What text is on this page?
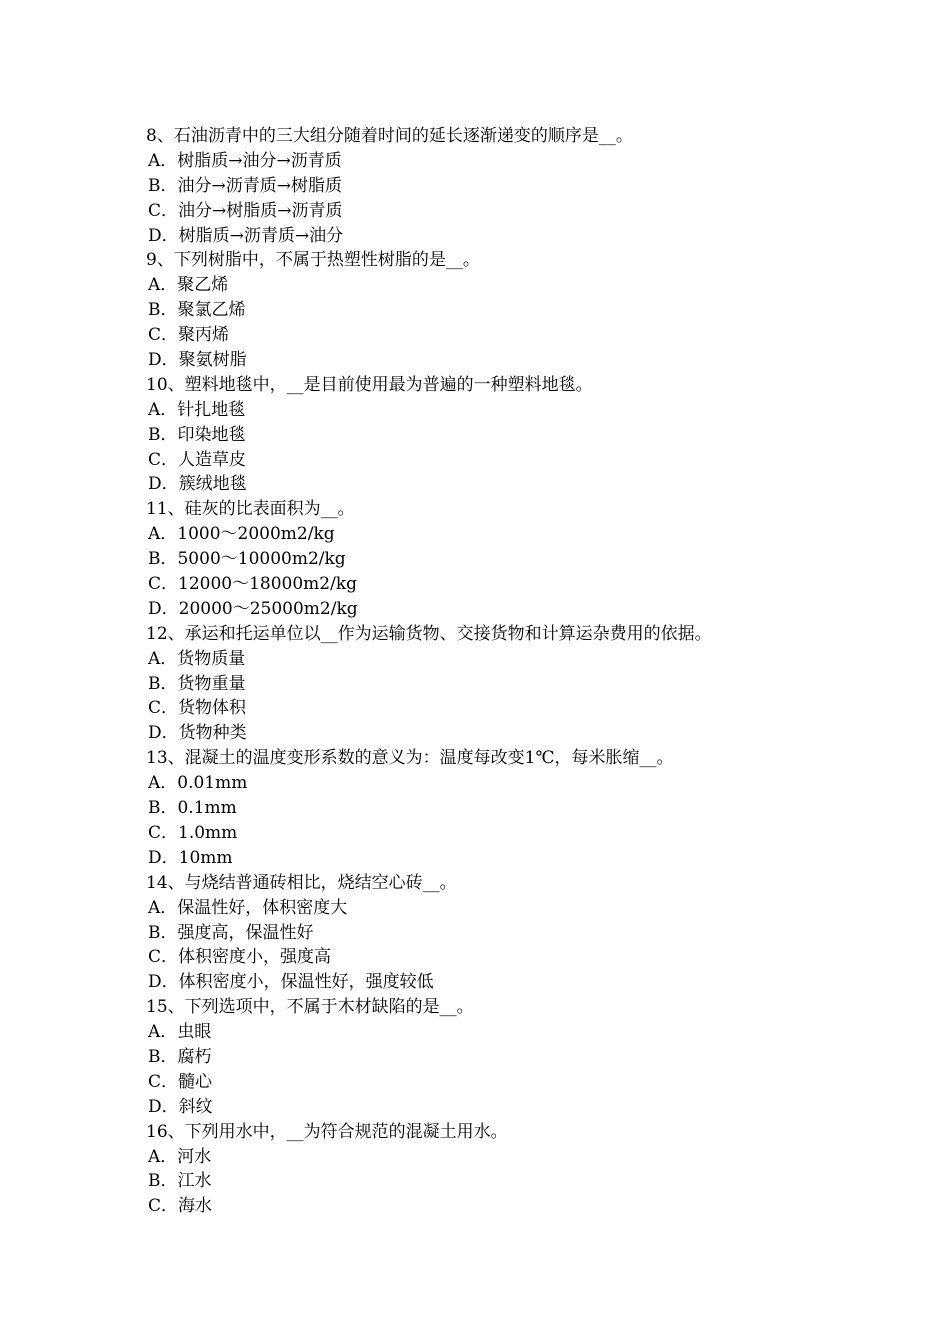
8、石油沥青中的三大组分随着时间的延长逐渐递变的顺序是__。
A．树脂质→油分→沥青质
B．油分→沥青质→树脂质
C．油分→树脂质→沥青质
D．树脂质→沥青质→油分
9、下列树脂中，不属于热塑性树脂的是__。
A．聚乙烯
B．聚氯乙烯
C．聚丙烯
D．聚氨树脂
10、塑料地毯中，__是目前使用最为普遍的一种塑料地毯。
A．针扎地毯
B．印染地毯
C．人造草皮
D．簇绒地毯
11、硅灰的比表面积为__。
A．1000～2000m2/kg
B．5000～10000m2/kg
C．12000～18000m2/kg
D．20000～25000m2/kg
12、承运和托运单位以__作为运输货物、交接货物和计算运杂费用的依据。
A．货物质量
B．货物重量
C．货物体积
D．货物种类
13、混凝土的温度变形系数的意义为：温度每改变1℃，每米胀缩__。
A．0.01mm
B．0.1mm
C．1.0mm
D．10mm
14、与烧结普通砖相比，烧结空心砖__。
A．保温性好，体积密度大
B．强度高，保温性好
C．体积密度小，强度高
D．体积密度小，保温性好，强度较低
15、下列选项中，不属于木材缺陷的是__。
A．虫眼
B．腐朽
C．髓心
D．斜纹
16、下列用水中，__为符合规范的混凝土用水。
A．河水
B．江水
C．海水
